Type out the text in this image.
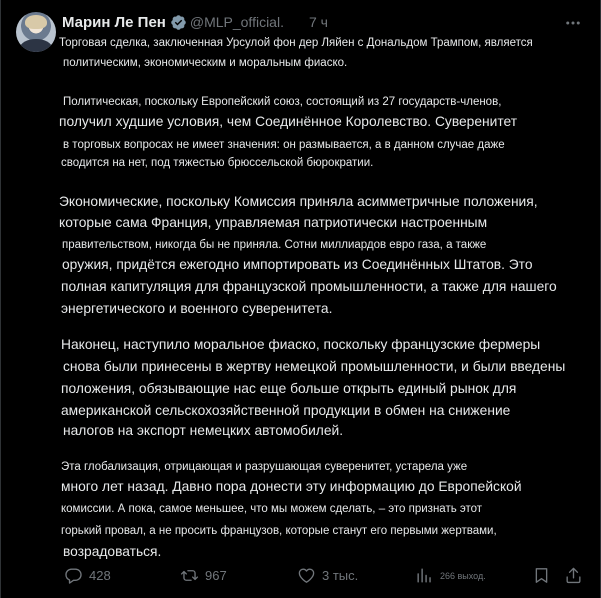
Марин Ле Пен @MLP_official. 7 ч
Торговая сделка, заключенная Урсулой фон дер Ляйен с Дональдом Трампом, является
политическим, экономическим и моральным фиаско.
Политическая, поскольку Европейский союз, состоящий из 27 государств-членов,
получил худшие условия, чем Соединённое Королевство. Суверенитет
в торговых вопросах не имеет значения: он размывается, а в данном случае даже
сводится на нет, под тяжестью брюссельской бюрократии.
Экономические, поскольку Комиссия приняла асимметричные положения,
которые сама Франция, управляемая патриотически настроенным
правительством, никогда бы не приняла. Сотни миллиардов евро газа, а также
оружия, придётся ежегодно импортировать из Соединённых Штатов. Это
полная капитуляция для французской промышленности, а также для нашего
энергетического и военного суверенитета.
Наконец, наступило моральное фиаско, поскольку французские фермеры
снова были принесены в жертву немецкой промышленности, и были введены
положения, обязывающие нас еще больше открыть единый рынок для
американской сельскохозяйственной продукции в обмен на снижение
налогов на экспорт немецких автомобилей.
Эта глобализация, отрицающая и разрушающая суверенитет, устарела уже
много лет назад. Давно пора донести эту информацию до Европейской
комиссии. А пока, самое меньшее, что мы можем сделать, – это признать этот
горький провал, а не просить французов, которые станут его первыми жертвами,
возрадоваться.
428	967	3 тыс.	266 выход.
